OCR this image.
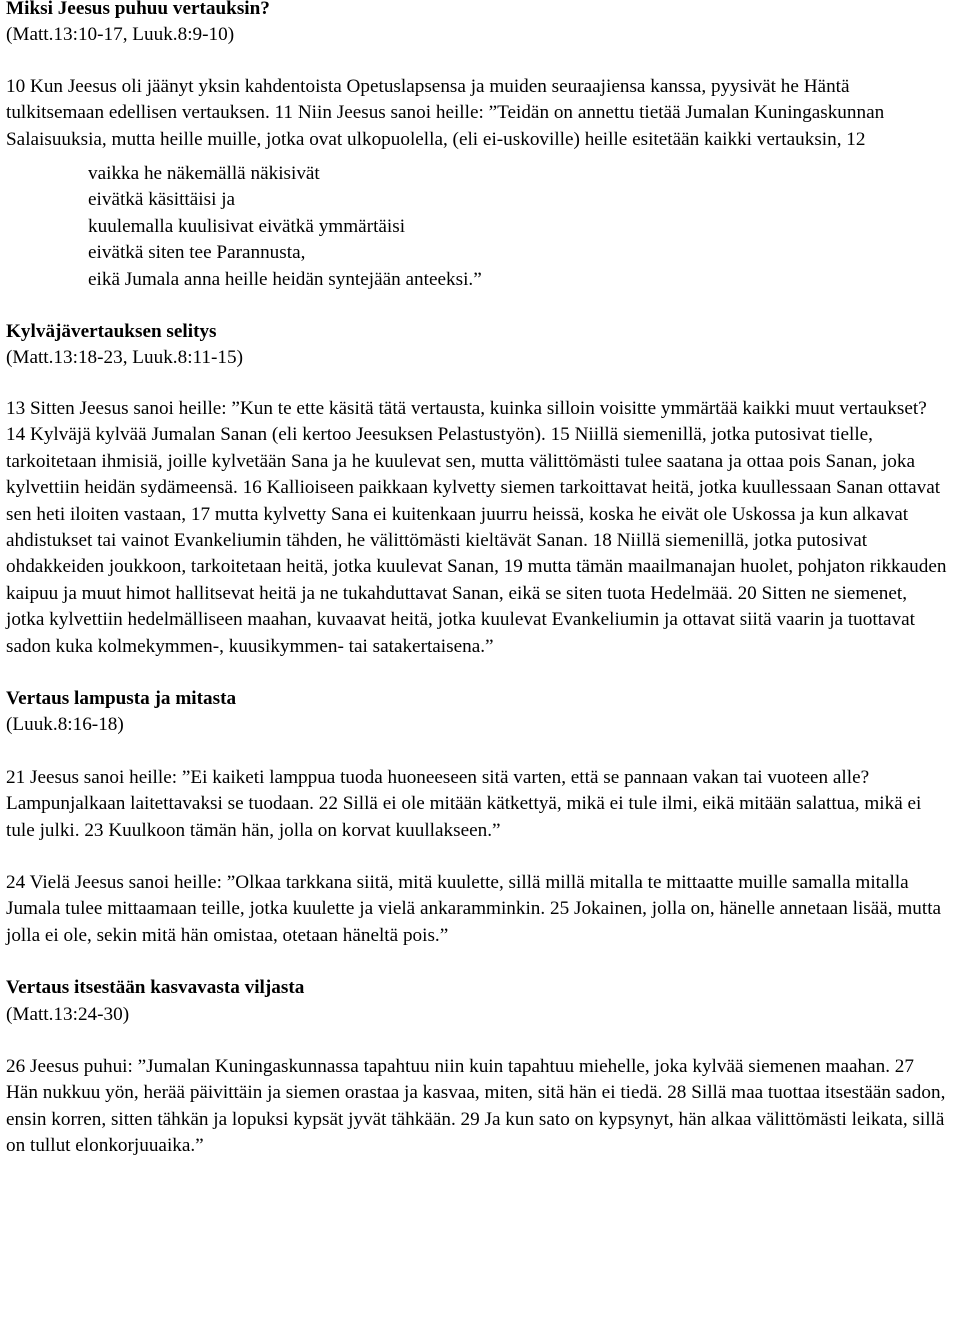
Miksi Jeesus puhuu vertauksin?
(Matt.13:10-17, Luuk.8:9-10)

10 Kun Jeesus oli jäänyt yksin kahdentoista Opetuslapsensa ja muiden seuraajiensa kanssa, pyysivät he Häntä tulkitsemaan edellisen vertauksen. 11 Niin Jeesus sanoi heille: ”Teidän on annettu tietää Jumalan Kuningaskunnan Salaisuuksia, mutta heille muille, jotka ovat ulkopuolella, (eli ei-uskoville) heille esitetään kaikki vertauksin, 12

vaikka he näkemällä näkisivät
eivätkä käsittäisi ja
kuulemalla kuulisivat eivätkä ymmärtäisi
eivätkä siten tee Parannusta,
eikä Jumala anna heille heidän syntejään anteeksi.”
Kylväjävertauksen selitys
(Matt.13:18-23, Luuk.8:11-15)

13 Sitten Jeesus sanoi heille: ”Kun te ette käsitä tätä vertausta, kuinka silloin voisitte ymmärtää kaikki muut vertaukset? 14 Kylväjä kylvää Jumalan Sanan (eli kertoo Jeesuksen Pelastustyön). 15 Niillä siemenillä, jotka putosivat tielle, tarkoitetaan ihmisiä, joille kylvetään Sana ja he kuulevat sen, mutta välittömästi tulee saatana ja ottaa pois Sanan, joka kylvettiin heidän sydämeensä. 16 Kallioiseen paikkaan kylvetty siemen tarkoittavat heitä, jotka kuullessaan Sanan ottavat sen heti iloiten vastaan, 17 mutta kylvetty Sana ei kuitenkaan juurru heissä, koska he eivät ole Uskossa ja kun alkavat ahdistukset tai vainot Evankeliumin tähden, he välittömästi kieltävät Sanan. 18 Niillä siemenillä, jotka putosivat ohdakkeiden joukkoon, tarkoitetaan heitä, jotka kuulevat Sanan, 19 mutta tämän maailmanajan huolet, pohjaton rikkauden kaipuu ja muut himot hallitsevat heitä ja ne tukahduttavat Sanan, eikä se siten tuota Hedelmää. 20 Sitten ne siemenet, jotka kylvettiin hedelmälliseen maahan, kuvaavat heitä, jotka kuulevat Evankeliumin ja ottavat siitä vaarin ja tuottavat sadon kuka kolmekymmen-, kuusikymmen- tai satakertaisena.”

Vertaus lampusta ja mitasta
(Luuk.8:16-18)

21 Jeesus sanoi heille: ”Ei kaiketi lamppua tuoda huoneeseen sitä varten, että se pannaan vakan tai vuoteen alle? Lampunjalkaan laitettavaksi se tuodaan. 22 Sillä ei ole mitään kätkettyä, mikä ei tule ilmi, eikä mitään salattua, mikä ei tule julki. 23 Kuulkoon tämän hän, jolla on korvat kuullakseen.”

24 Vielä Jeesus sanoi heille: ”Olkaa tarkkana siitä, mitä kuulette, sillä millä mitalla te mittaatte muille samalla mitalla Jumala tulee mittaamaan teille, jotka kuulette ja vielä ankaramminkin. 25 Jokainen, jolla on, hänelle annetaan lisää, mutta jolla ei ole, sekin mitä hän omistaa, otetaan häneltä pois.”

Vertaus itsestään kasvavasta viljasta
(Matt.13:24-30)

26 Jeesus puhui: ”Jumalan Kuningaskunnassa tapahtuu niin kuin tapahtuu miehelle, joka kylvää siemenen maahan. 27 Hän nukkuu yön, herää päivittäin ja siemen orastaa ja kasvaa, miten, sitä hän ei tiedä. 28 Sillä maa tuottaa itsestään sadon, ensin korren, sitten tähkän ja lopuksi kypsät jyvät tähkään. 29 Ja kun sato on kypsynyt, hän alkaa välittömästi leikata, sillä on tullut elonkorjuuaika.”
